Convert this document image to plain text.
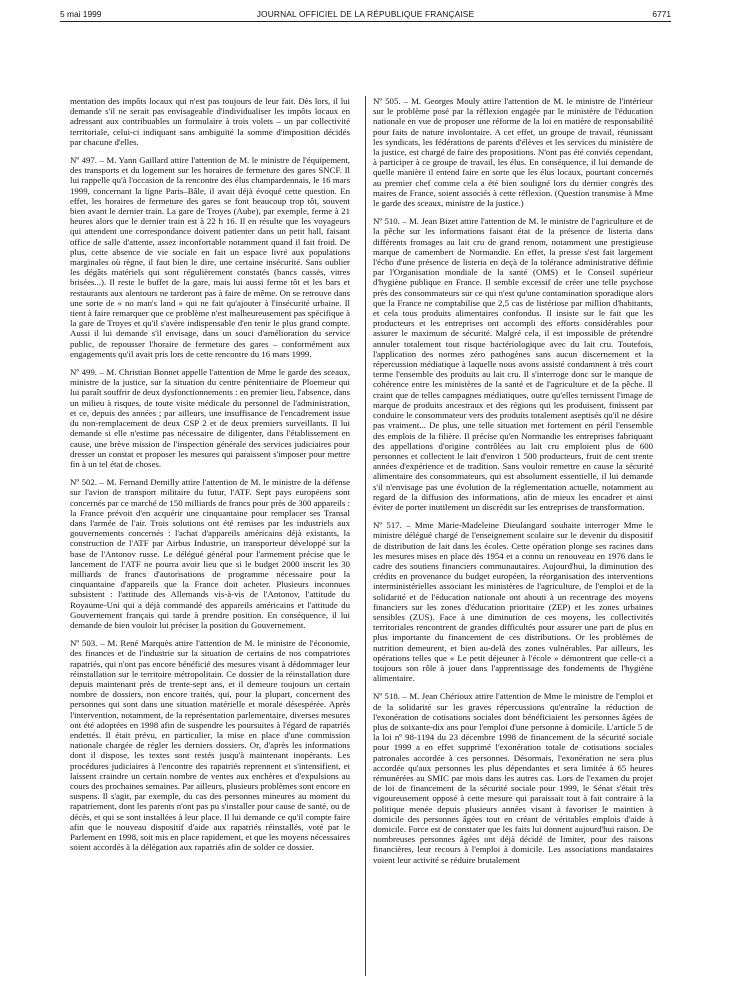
5 mai 1999	JOURNAL OFFICIEL DE LA RÉPUBLIQUE FRANÇAISE	6771

mentation des impôts locaux qui n'est pas toujours de leur fait. Dès lors, il lui demande s'il ne serait pas envisageable d'individualiser les impôts locaux en adressant aux contribuables un formulaire à trois volets – un par collectivité territoriale, celui-ci indiquant sans ambiguïté la somme d'imposition décidés par chacune d'elles.

Nº 497. – M. Yann Gaillard attire l'attention de M. le ministre de l'équipement, des transports et du logement sur les horaires de fermeture des gares SNCF. Il lui rappelle qu'à l'occasion de la rencontre des élus champardennais, le 16 mars 1999, concernant la ligne Paris–Bâle, il avait déjà évoqué cette question. En effet, les horaires de fermeture des gares se font beaucoup trop tôt, souvent bien avant le dernier train. La gare de Troyes (Aube), par exemple, ferme à 21 heures alors que le dernier train est à 22 h 16. Il en résulte que les voyageurs qui attendent une correspondance doivent patienter dans un petit hall, faisant office de salle d'attente, assez inconfortable notamment quand il fait froid. De plus, cette absence de vie sociale en fait un espace livré aux populations marginales où règne, il faut bien le dire, une certaine insécurité. Sans oublier les dégâts matériels qui sont régulièrement constatés (bancs cassés, vitres brisées...). Il reste le buffet de la gare, mais lui aussi ferme tôt et les bars et restaurants aux alentours ne tarderont pas à faire de même. On se retrouve dans une sorte de « no man's land » qui ne fait qu'ajouter à l'insécurité urbaine. Il tient à faire remarquer que ce problème n'est malheureusement pas spécifique à la gare de Troyes et qu'il s'avère indispensable d'en tenir le plus grand compte. Aussi il lui demande s'il envisage, dans un souci d'amélioration du service public, de repousser l'horaire de fermeture des gares – conformément aux engagements qu'il avait pris lors de cette rencontre du 16 mars 1999.

Nº 499. – M. Christian Bonnet appelle l'attention de Mme le garde des sceaux, ministre de la justice, sur la situation du centre pénitentiaire de Ploemeur qui lui paraît souffrir de deux dysfonctionnements : en premier lieu, l'absence, dans un milieu à risques, de toute visite médicale du personnel de l'administration, et ce, depuis des années ; par ailleurs, une insuffisance de l'encadrement issue du non-remplacement de deux CSP 2 et de deux premiers surveillants. Il lui demande si elle n'estime pas nécessaire de diligenter, dans l'établissement en cause, une brève mission de l'inspection générale des services judiciaires pour dresser un constat et proposer les mesures qui paraissent s'imposer pour mettre fin à un tel état de choses.

Nº 502. – M. Fernand Demilly attire l'attention de M. le ministre de la défense sur l'avion de transport militaire du futur, l'ATF. Sept pays européens sont concernés par ce marché de 150 milliards de francs pour près de 300 appareils : la France prévoit d'en acquérir une cinquantaine pour remplacer ses Transal dans l'armée de l'air. Trois solutions ont été remises par les industriels aux gouvernements concernés : l'achat d'appareils américains déjà existants, la construction de l'ATF par Airbus Industrie, un transporteur développé sur la base de l'Antonov russe. Le délégué général pour l'armement précise que le lancement de l'ATF ne pourra avoir lieu que si le budget 2000 inscrit les 30 milliards de francs d'autorisations de programme nécessaire pour la cinquantaine d'appareils que la France doit acheter. Plusieurs inconnues subsistent : l'attitude des Allemands vis-à-vis de l'Antonov, l'attitude du Royaume-Uni qui a déjà commandé des appareils américains et l'attitude du Gouvernement français qui tarde à prendre position. En conséquence, il lui demande de bien vouloir lui préciser la position du Gouvernement.

Nº 503. – M. René Marquès attire l'attention de M. le ministre de l'économie, des finances et de l'industrie sur la situation de certains de nos compatriotes rapatriés, qui n'ont pas encore bénéficié des mesures visant à dédommager leur réinstallation sur le territoire métropolitain. Ce dossier de la réinstallation dure depuis maintenant près de trente-sept ans, et il demeure toujours un certain nombre de dossiers, non encore traités, qui, pour la plupart, concernent des personnes qui sont dans une situation matérielle et morale désespérée. Après l'intervention, notamment, de la représentation parlementaire, diverses mesures ont été adoptées en 1998 afin de suspendre les poursuites à l'égard de rapatriés endettés. Il était prévu, en particulier, la mise en place d'une commission nationale chargée de régler les derniers dossiers. Or, d'après les informations dont il dispose, les textes sont restés jusqu'à maintenant inopérants. Les procédures judiciaires à l'encontre des rapatriés reprennent et s'intensifient, et laissent craindre un certain nombre de ventes aux enchères et d'expulsions au cours des prochaines semaines. Par ailleurs, plusieurs problèmes sont encore en suspens. Il s'agit, par exemple, du cas des personnes mineures au moment du rapatriement, dont les parents n'ont pas pu s'installer pour cause de santé, ou de décès, et qui se sont installées à leur place. Il lui demande ce qu'il compte faire afin que le nouveau dispositif d'aide aux rapatriés réinstallés, voté par le Parlement en 1998, soit mis en place rapidement, et que les moyens nécessaires soient accordés à la délégation aux rapatriés afin de solder ce dossier.

Nº 505. – M. Georges Mouly attire l'attention de M. le ministre de l'intérieur sur le problème posé par la réflexion engagée par le ministère de l'éducation nationale en vue de proposer une réforme de la loi en matière de responsabilité pour faits de nature involontaire. A cet effet, un groupe de travail, réunissant les syndicats, les fédérations de parents d'élèves et les services du ministère de la justice, est chargé de faire des propositions. N'ont pas été conviés cependant, à participer à ce groupe de travail, les élus. En conséquence, il lui demande de quelle manière il entend faire en sorte que les élus locaux, pourtant concernés au premier chef comme cela a été bien souligné lors du dernier congrès des maires de France, soient associés à cette réflexion. (Question transmise à Mme le garde des sceaux, ministre de la justice.)

Nº 510. – M. Jean Bizet attire l'attention de M. le ministre de l'agriculture et de la pêche sur les informations faisant état de la présence de listeria dans différents fromages au lait cru de grand renom, notamment une prestigieuse marque de camembert de Normandie. En effet, la presse s'est fait largement l'écho d'une présence de listeria en deçà de la tolérance administrative définie par l'Organisation mondiale de la santé (OMS) et le Conseil supérieur d'hygiène publique en France. Il semble excessif de créer une telle psychose près des consommateurs sur ce qui n'est qu'une contamination sporadique alors que la France ne comptabilise que 2,5 cas de listériose par million d'habitants, et cela tous produits alimentaires confondus. Il insiste sur le fait que les producteurs et les entreprises ont accompli des efforts considérables pour assurer le maximum de sécurité. Malgré cela, il est impossible de prétendre annuler totalement tout risque bactériologique avec du lait cru. Toutefois, l'application des normes zéro pathogènes sans aucun discernement et la répercussion médiatique à laquelle nous avons assisté condamnent à très court terme l'ensemble des produits au lait cru. Il s'interroge donc sur le manque de cohérence entre les ministères de la santé et de l'agriculture et de la pêche. Il craint que de telles campagnes médiatiques, outre qu'elles ternissent l'image de marque de produits ancestraux et des régions qui les produisent, finissent par conduire le consommateur vers des produits totalement aseptisés qu'il ne désire pas vraiment... De plus, une telle situation met fortement en péril l'ensemble des emplois de la filière. Il précise qu'en Normandie les entreprises fabriquant des appellations d'origine contrôlées au lait cru emploient plus de 600 personnes et collectent le lait d'environ 1 500 producteurs, fruit de cent trente années d'expérience et de tradition. Sans vouloir remettre en cause la sécurité alimentaire des consommateurs, qui est absolument essentielle, il lui demande s'il n'envisage pas une évolution de la réglementation actuelle, notamment au regard de la diffusion des informations, afin de mieux les encadrer et ainsi éviter de porter inutilement un discrédit sur les entreprises de transformation.

Nº 517. – Mme Marie-Madeleine Dieulangard souhaite interroger Mme le ministre délégué chargé de l'enseignement scolaire sur le devenir du dispositif de distribution de lait dans les écoles. Cette opération plonge ses racines dans les mesures mises en place dès 1954 et a connu un renouveau en 1976 dans le cadre des soutiens financiers communautaires. Aujourd'hui, la diminution des crédits en provenance du budget européen, la réorganisation des interventions interministérielles associant les ministères de l'agriculture, de l'emploi et de la solidarité et de l'éducation nationale ont abouti à un recentrage des moyens financiers sur les zones d'éducation prioritaire (ZEP) et les zones urbaines sensibles (ZUS). Face à une diminution de ces moyens, les collectivités territoriales rencontrent de grandes difficultés pour assurer une part de plus en plus importante du financement de ces distributions. Or les problèmes de nutrition demeurent, et bien au-delà des zones vulnérables. Par ailleurs, les opérations telles que « Le petit déjeuner à l'école » démontrent que celle-ci a toujours son rôle à jouer dans l'apprentissage des fondements de l'hygiène alimentaire.

Nº 518. – M. Jean Chérioux attire l'attention de Mme le ministre de l'emploi et de la solidarité sur les graves répercussions qu'entraîne la réduction de l'exonération de cotisations sociales dont bénéficiaient les personnes âgées de plus de soixante-dix ans pour l'emploi d'une personne à domicile. L'article 5 de la loi nº 98-1194 du 23 décembre 1998 de financement de la sécurité sociale pour 1999 a en effet supprimé l'exonération totale de cotisations sociales patronales accordée à ces personnes. Désormais, l'exonération ne sera plus accordée qu'aux personnes les plus dépendantes et sera limitée à 65 heures rémunérées au SMIC par mois dans les autres cas. Lors de l'examen du projet de loi de financement de la sécurité sociale pour 1999, le Sénat s'était très vigoureusement opposé à cette mesure qui paraissait tout à fait contraire à la politique menée depuis plusieurs années visant à favoriser le maintien à domicile des personnes âgées tout en créant de véritables emplois d'aide à domicile. Force est de constater que les faits lui donnent aujourd'hui raison. De nombreuses personnes âgées ont déjà décidé de limiter, pour des raisons financières, leur recours à l'emploi à domicile. Les associations mandataires voient leur activité se réduire brutalement
